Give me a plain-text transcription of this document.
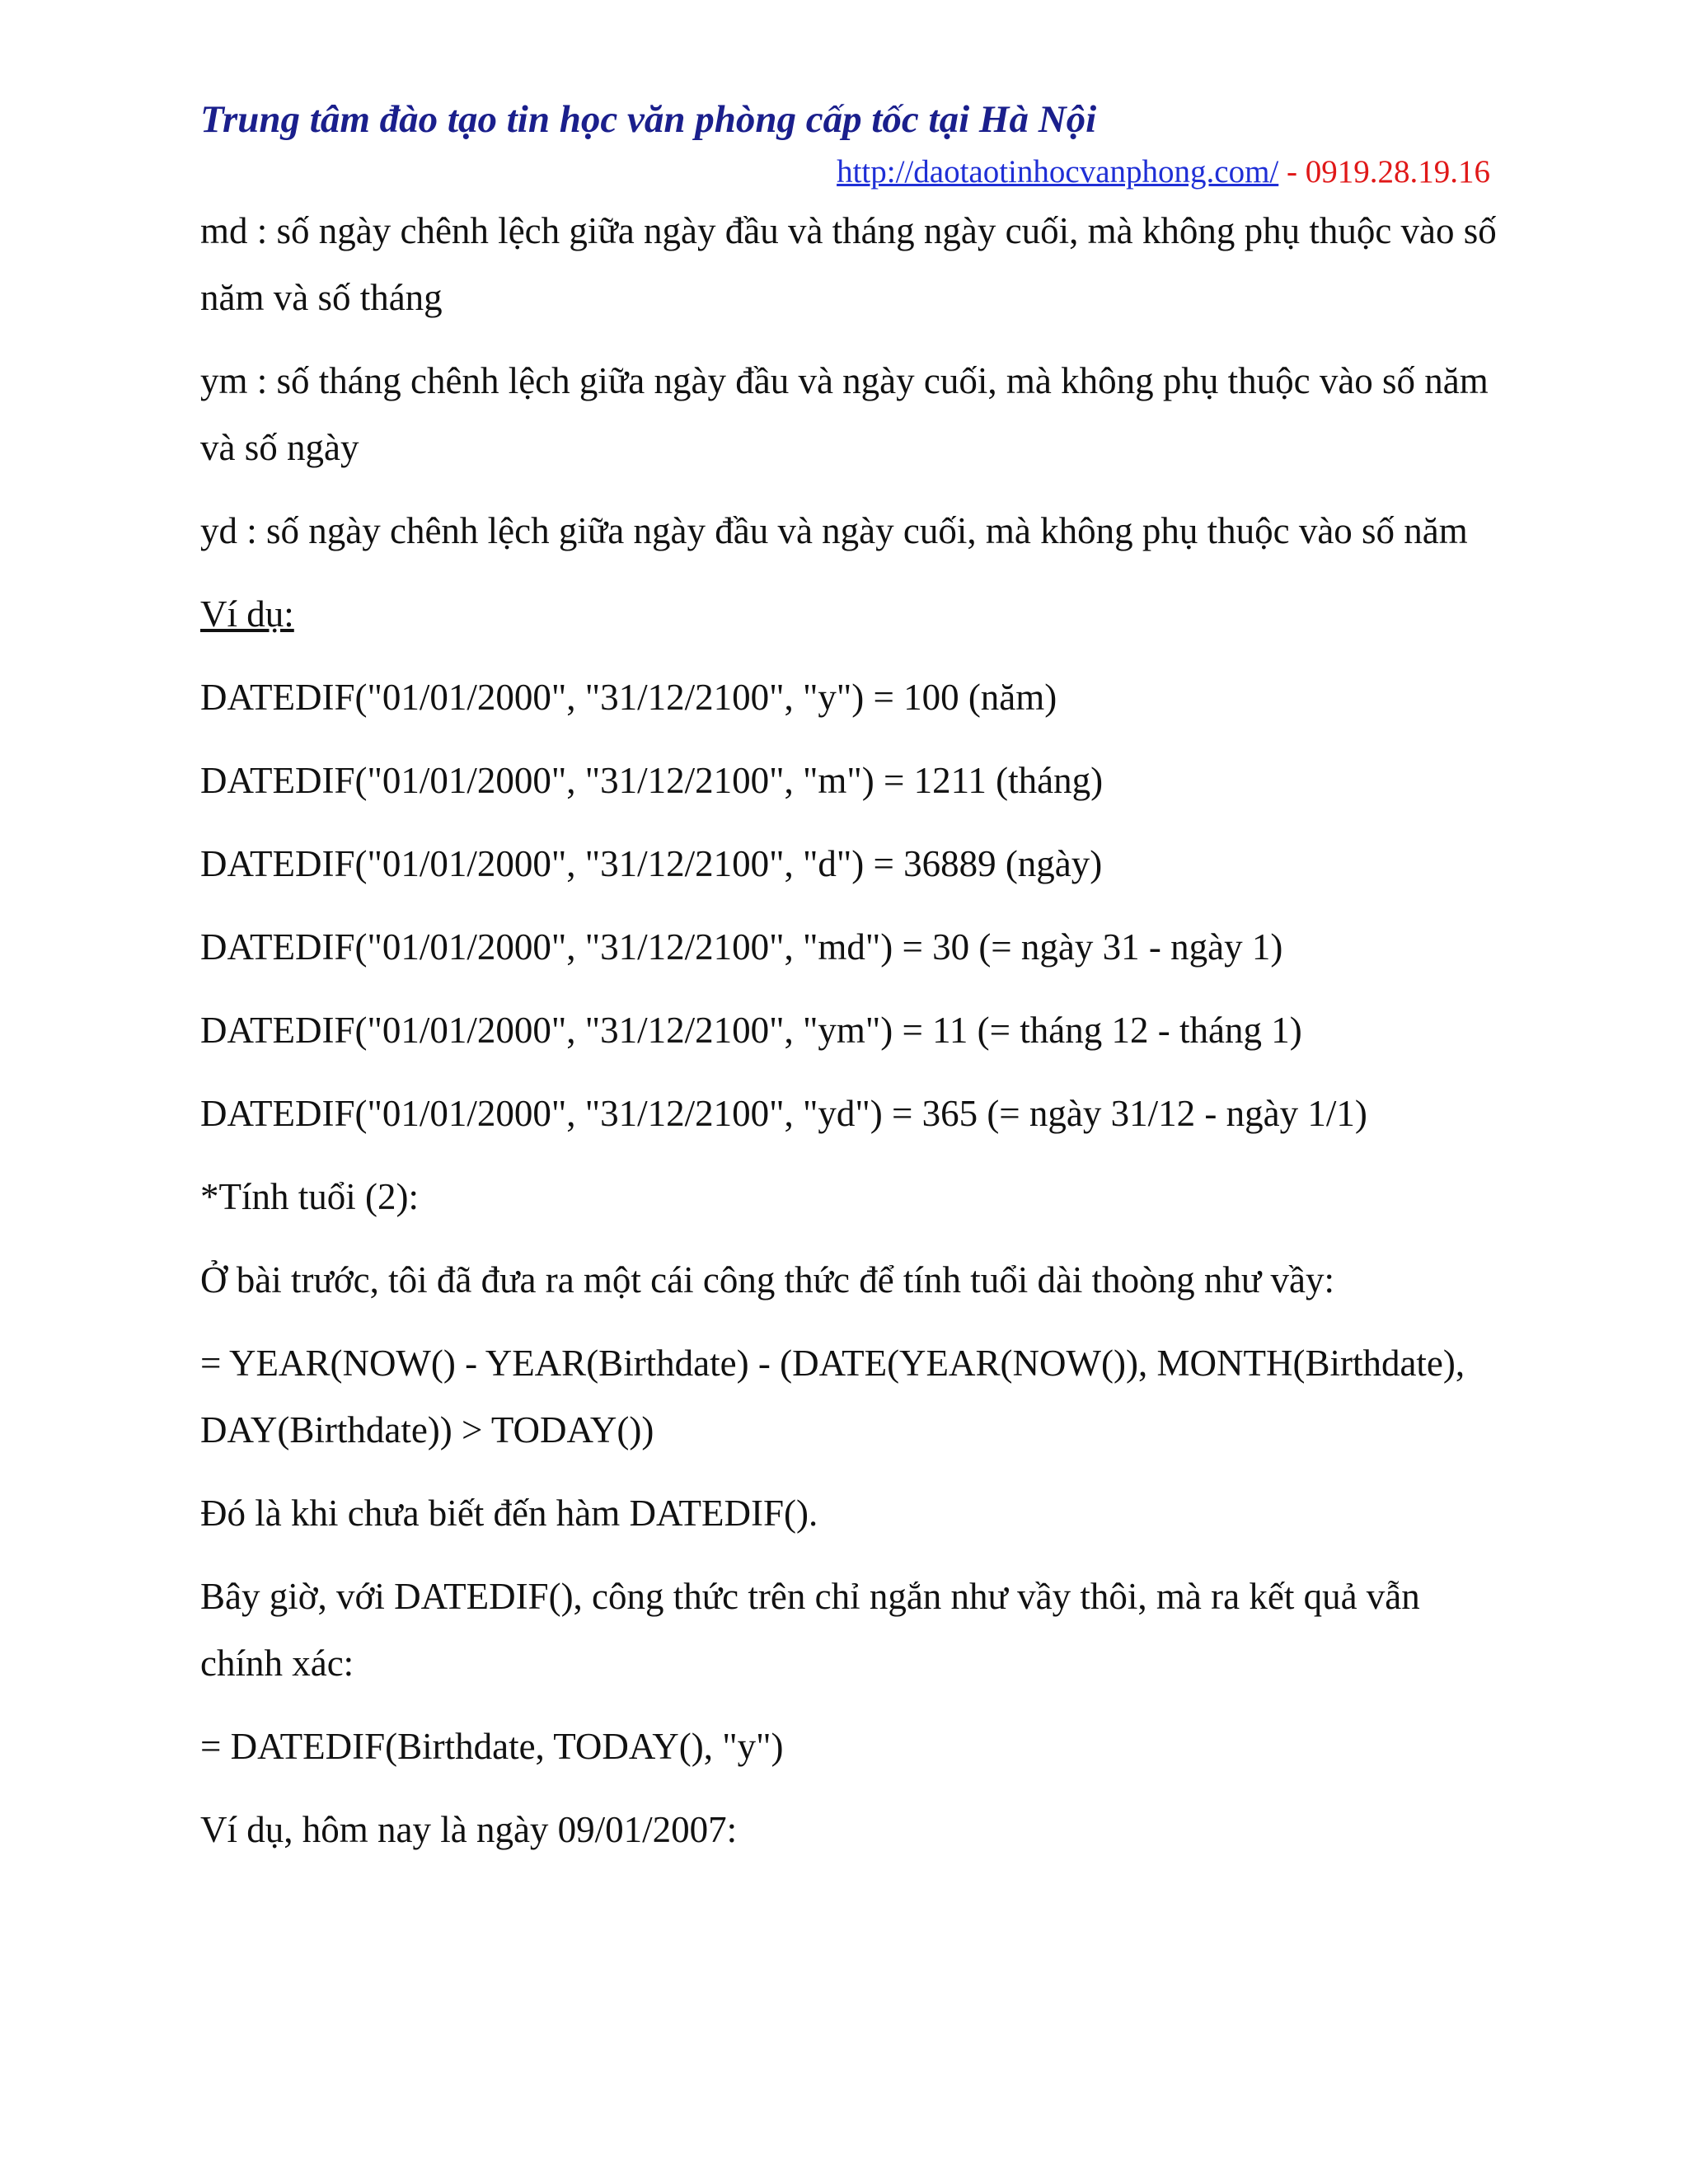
Trung tâm đào tạo tin học văn phòng cấp tốc tại Hà Nội
http://daotaotinhocvanphong.com/ - 0919.28.19.16

md : số ngày chênh lệch giữa ngày đầu và tháng ngày cuối, mà không phụ thuộc vào số năm và số tháng

ym : số tháng chênh lệch giữa ngày đầu và ngày cuối, mà không phụ thuộc vào số năm và số ngày

yd : số ngày chênh lệch giữa ngày đầu và ngày cuối, mà không phụ thuộc vào số năm

Ví dụ:

DATEDIF("01/01/2000", "31/12/2100", "y") = 100 (năm)

DATEDIF("01/01/2000", "31/12/2100", "m") = 1211 (tháng)

DATEDIF("01/01/2000", "31/12/2100", "d") = 36889 (ngày)

DATEDIF("01/01/2000", "31/12/2100", "md") = 30 (= ngày 31 - ngày 1)

DATEDIF("01/01/2000", "31/12/2100", "ym") = 11 (= tháng 12 - tháng 1)

DATEDIF("01/01/2000", "31/12/2100", "yd") = 365 (= ngày 31/12 - ngày 1/1)

*Tính tuổi (2):

Ở bài trước, tôi đã đưa ra một cái công thức để tính tuổi dài thoòng như vầy:

= YEAR(NOW() - YEAR(Birthdate) - (DATE(YEAR(NOW()), MONTH(Birthdate), DAY(Birthdate)) > TODAY())

Đó là khi chưa biết đến hàm DATEDIF().

Bây giờ, với DATEDIF(), công thức trên chỉ ngắn như vầy thôi, mà ra kết quả vẫn chính xác:

= DATEDIF(Birthdate, TODAY(), "y")

Ví dụ, hôm nay là ngày 09/01/2007:
